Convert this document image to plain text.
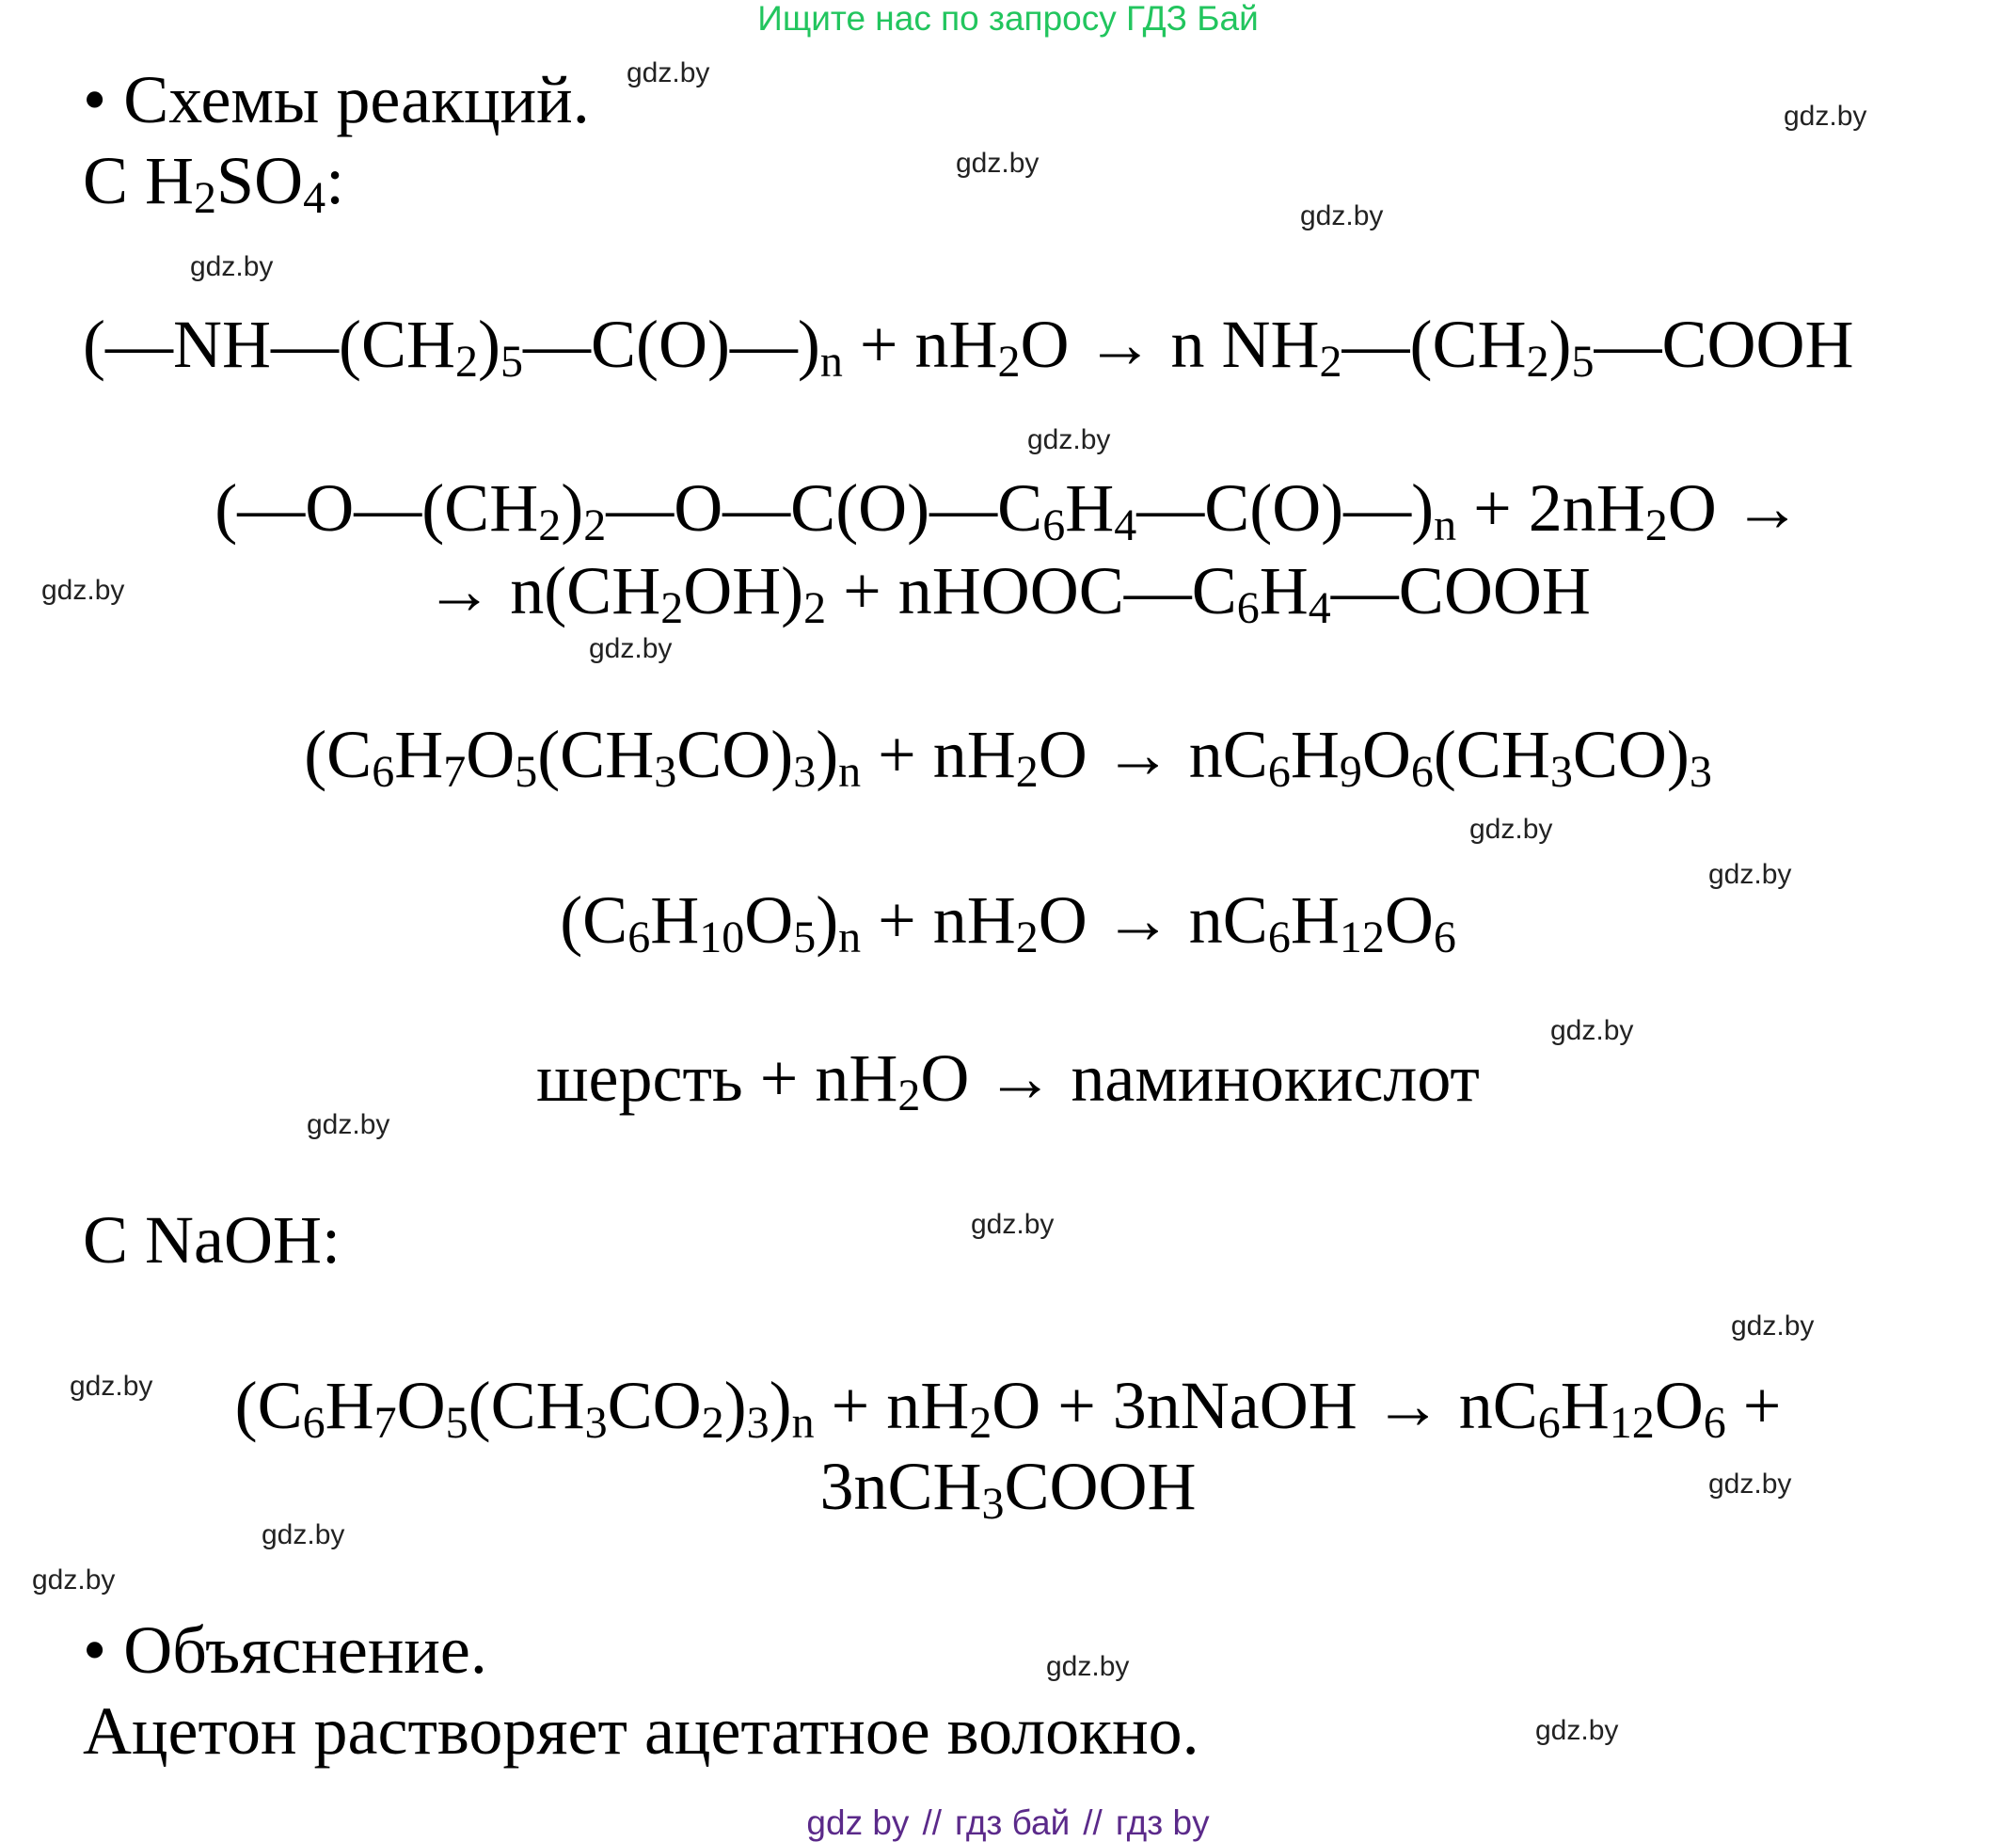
Ищите нас по запросу ГДЗ Бай
gdz by // гдз бай // гдз by
gdz.by
gdz.by
gdz.by
gdz.by
gdz.by
gdz.by
gdz.by
gdz.by
gdz.by
gdz.by
gdz.by
gdz.by
gdz.by
gdz.by
gdz.by
gdz.by
gdz.by
gdz.by
gdz.by
gdz.by
• Схемы реакций.
C $H_2SO_4$:
$(—NH—(CH_2)_5—C(O)—)_n + nH_2O \to n$ $NH_2—(CH_2)_5—COOH$
$(—O—(CH_2)_2—O—C(O)—C_6H_4—C(O)—)_n + 2nH_2O$ →
→ $n(CH_2OH)_2$ + $nHOOC—C_6H_4—COOH$
$(C_6H_7O_5(CH_3CO)_3)_n + nH_2O \to nC_6H_9O_6(CH_3CO)_3$
$(C_6H_{10}O_5)_n + nH_2O \to nC_6H_{12}O_6$
шерсть + $nH_2O$ → nаминокислот
C NaOH:
$(C_6H_7O_5(CH_3CO_2)_3)_n + nH_2O$ + 3nNaOH → $nC_6H_{12}O_6$ +
3nCH$_3$COOH
• Объяснение.
Ацетон растворяет ацетатное волокно.
